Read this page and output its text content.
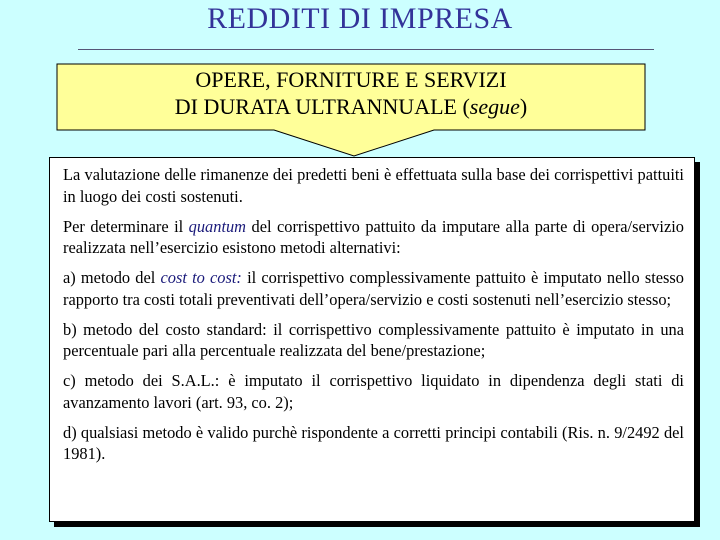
REDDITI DI IMPRESA
OPERE, FORNITURE E SERVIZI
DI DURATA ULTRANNUALE (segue)

La valutazione delle rimanenze dei predetti beni è effettuata sulla base dei corrispettivi pattuiti in luogo dei costi sostenuti.

Per determinare il quantum del corrispettivo pattuito da imputare alla parte di opera/servizio realizzata nell’esercizio esistono metodi alternativi:

a) metodo del cost to cost: il corrispettivo complessivamente pattuito è imputato nello stesso rapporto tra costi totali preventivati dell’opera/servizio e costi sostenuti nell’esercizio stesso;

b) metodo del costo standard: il corrispettivo complessivamente pattuito è imputato in una percentuale pari alla percentuale realizzata del bene/prestazione;

c) metodo dei S.A.L.: è imputato il corrispettivo liquidato in dipendenza degli stati di avanzamento lavori (art. 93, co. 2);

d) qualsiasi metodo è valido purchè rispondente a corretti principi contabili (Ris. n. 9/2492 del 1981).
